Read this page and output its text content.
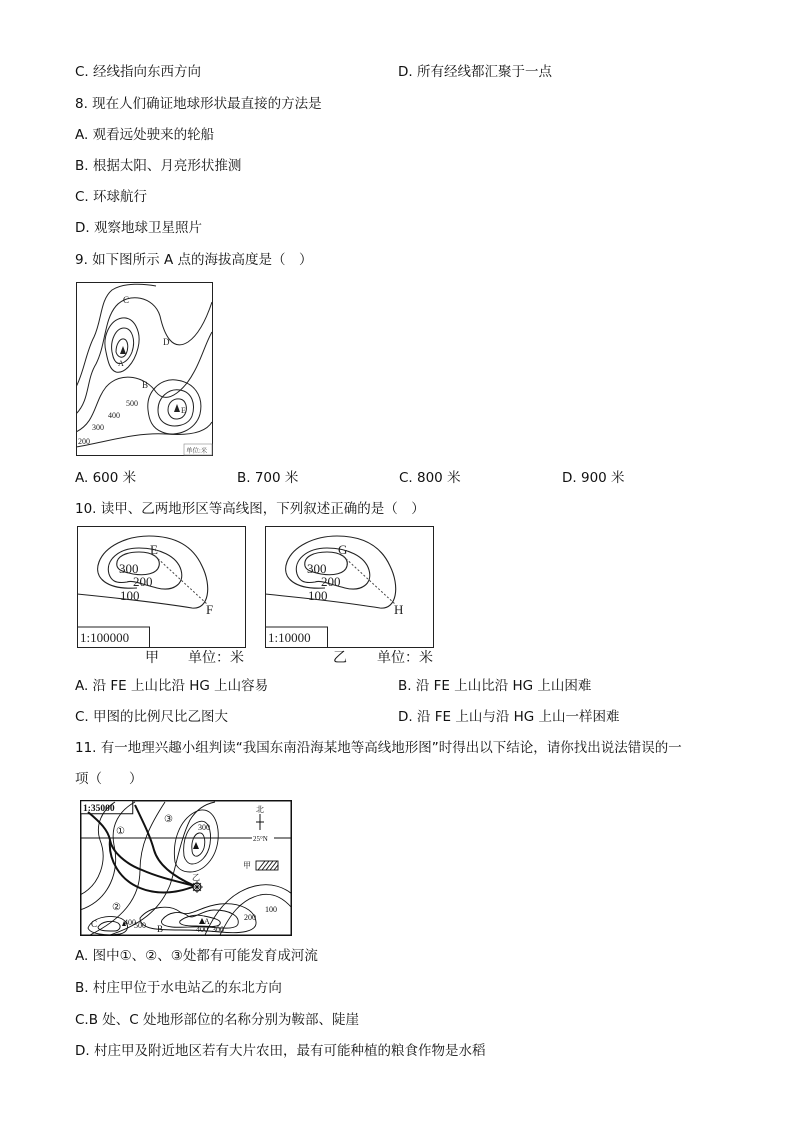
C. 经线指向东西方向	D. 所有经线都汇聚于一点
8. 现在人们确证地球形状最直接的方法是
A. 观看远处驶来的轮船
B. 根据太阳、月亮形状推测
C. 环球航行
D. 观察地球卫星照片
9. 如下图所示 A 点的海拔高度是（　）
C
D
A
B
E
500
400
300
200
单位:米
A. 600 米	B. 700 米	C. 800 米	D. 900 米
10. 读甲、乙两地形区等高线图，下列叙述正确的是（　）
E
F
300
200
100
1:100000
G
H
300
200
100
1:10000
甲 单位：米	乙 单位：米
A. 沿 FE 上山比沿 HG 上山容易	B. 沿 FE 上山比沿 HG 上山困难
C. 甲图的比例尺比乙图大	D. 沿 FE 上山与沿 HG 上山一样困难
11. 有一地理兴趣小组判读“我国东南沿海某地等高线地形图”时得出以下结论，请你找出说法错误的一
项（　　）
1:35000
25°N
北
乙
甲
①
②
③
300
400
500	400 300
200
100
C	B
A
A. 图中①、②、③处都有可能发育成河流
B. 村庄甲位于水电站乙的东北方向
C.B 处、C 处地形部位的名称分别为鞍部、陡崖
D. 村庄甲及附近地区若有大片农田，最有可能种植的粮食作物是水稻
